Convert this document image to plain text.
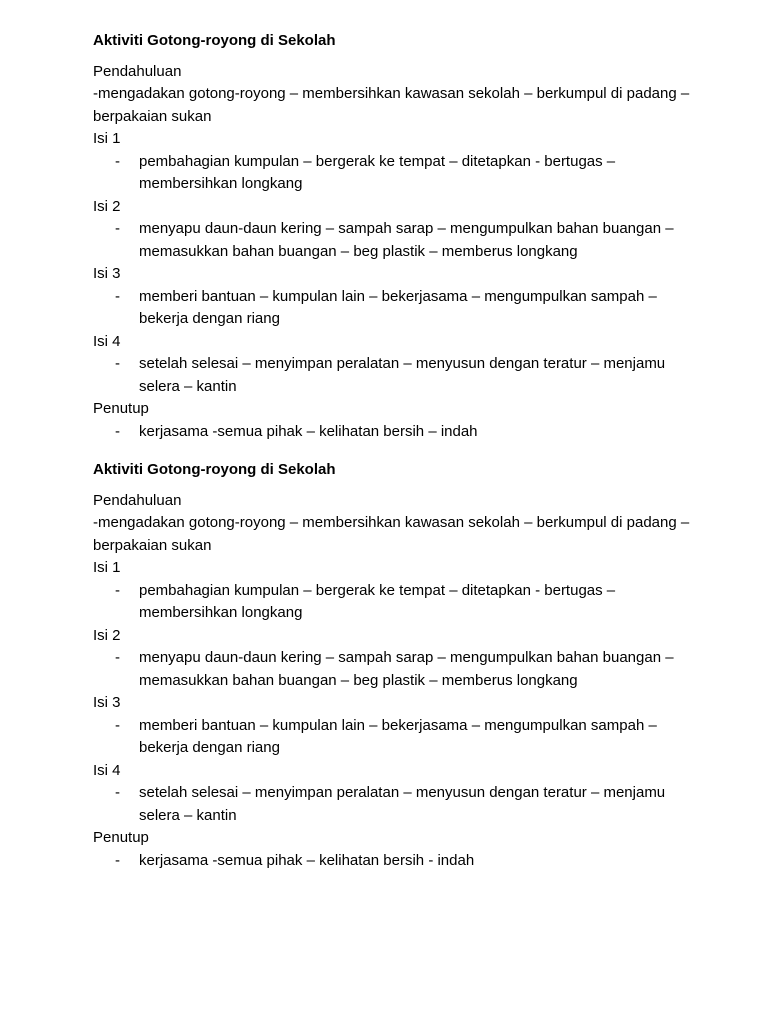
Aktiviti Gotong-royong di Sekolah
Pendahuluan
-mengadakan gotong-royong – membersihkan kawasan sekolah – berkumpul di padang – berpakaian sukan
Isi 1
-	pembahagian kumpulan – bergerak ke tempat – ditetapkan - bertugas – membersihkan longkang
Isi 2
-	menyapu daun-daun kering – sampah sarap – mengumpulkan bahan buangan – memasukkan bahan buangan – beg plastik – memberus longkang
Isi 3
-	memberi bantuan – kumpulan lain – bekerjasama – mengumpulkan sampah – bekerja dengan riang
Isi 4
-	setelah selesai – menyimpan peralatan – menyusun dengan teratur – menjamu selera – kantin
Penutup
-	kerjasama -semua pihak – kelihatan bersih – indah
Aktiviti Gotong-royong di Sekolah
Pendahuluan
-mengadakan gotong-royong – membersihkan kawasan sekolah – berkumpul di padang – berpakaian sukan
Isi 1
-	pembahagian kumpulan – bergerak ke tempat – ditetapkan - bertugas – membersihkan longkang
Isi 2
-	menyapu daun-daun kering – sampah sarap – mengumpulkan bahan buangan – memasukkan bahan buangan – beg plastik – memberus longkang
Isi 3
-	memberi bantuan – kumpulan lain – bekerjasama – mengumpulkan sampah – bekerja dengan riang
Isi 4
-	setelah selesai – menyimpan peralatan – menyusun dengan teratur – menjamu selera – kantin
Penutup
-	kerjasama -semua pihak – kelihatan bersih - indah
